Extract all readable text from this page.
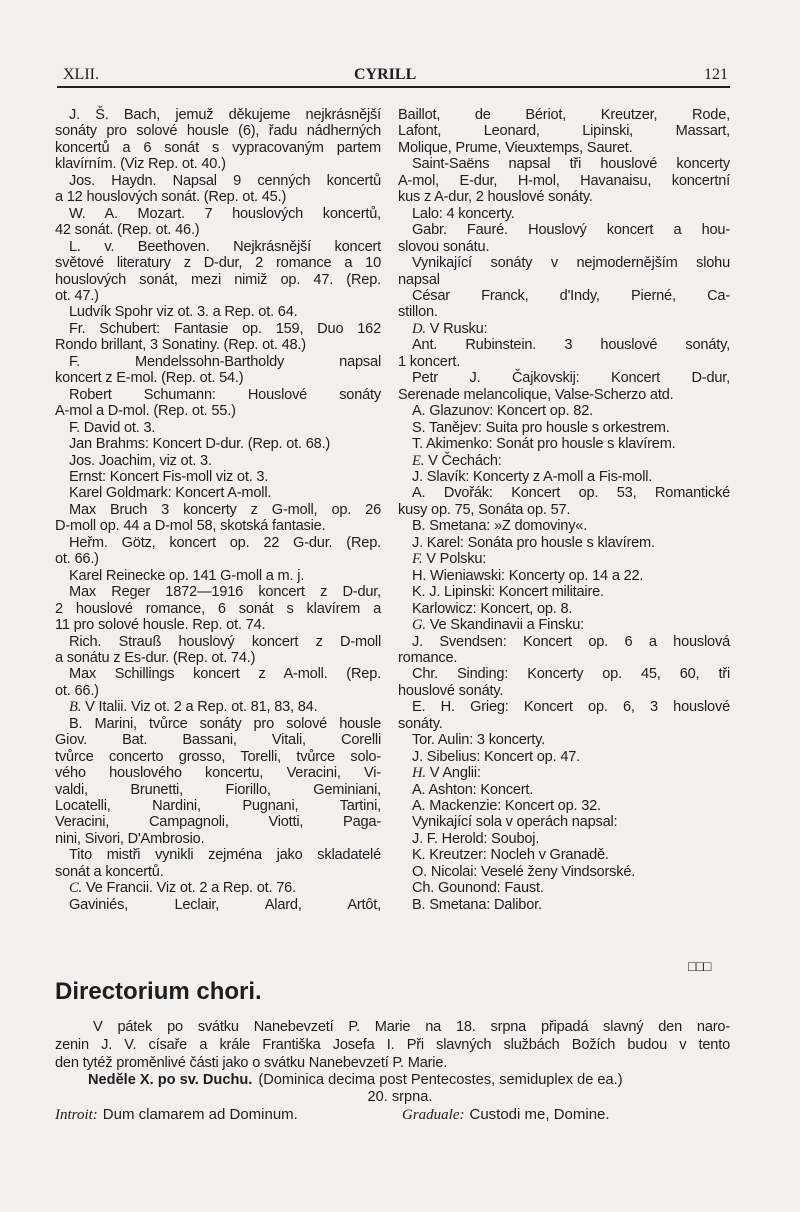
XLII.	CYRILL	121
J. Š. Bach, jemuž děkujeme nejkrásnější
sonáty pro solové housle (6), řadu nádherných
koncertů a 6 sonát s vypracovaným partem
klavírním. (Viz Rep. ot. 40.)
Jos. Haydn. Napsal 9 cenných koncertů
a 12 houslových sonát. (Rep. ot. 45.)
W. A. Mozart. 7 houslových koncertů,
42 sonát. (Rep. ot. 46.)
L. v. Beethoven. Nejkrásnější koncert
světové literatury z D-dur, 2 romance a 10
houslových sonát, mezi nimiž op. 47. (Rep.
ot. 47.)
Ludvík Spohr viz ot. 3. a Rep. ot. 64.
Fr. Schubert: Fantasie op. 159, Duo 162
Rondo brillant, 3 Sonatiny. (Rep. ot. 48.)
F. Mendelssohn-Bartholdy napsal
koncert z E-mol. (Rep. ot. 54.)
Robert Schumann: Houslové sonáty
A-mol a D-mol. (Rep. ot. 55.)
F. David ot. 3.
Jan Brahms: Koncert D-dur. (Rep. ot. 68.)
Jos. Joachim, viz ot. 3.
Ernst: Koncert Fis-moll viz ot. 3.
Karel Goldmark: Koncert A-moll.
Max Bruch 3 koncerty z G-moll, op. 26
D-moll op. 44 a D-mol 58, skotská fantasie.
Heřm. Götz, koncert op. 22 G-dur. (Rep.
ot. 66.)
Karel Reinecke op. 141 G-moll a m. j.
Max Reger 1872—1916 koncert z D-dur,
2 houslové romance, 6 sonát s klavírem a
11 pro solové housle. Rep. ot. 74.
Rich. Strauß houslový koncert z D-moll
a sonátu z Es-dur. (Rep. ot. 74.)
Max Schillings koncert z A-moll. (Rep.
ot. 66.)
B. V Italii. Viz ot. 2 a Rep. ot. 81, 83, 84.
B. Marini, tvůrce sonáty pro solové housle
Giov. Bat. Bassani, Vitali, Corelli
tvůrce concerto grosso, Torelli, tvůrce solo-
vého houslového koncertu, Veracini, Vi-
valdi, Brunetti, Fiorillo, Geminiani,
Locatelli, Nardini, Pugnani, Tartini,
Veracini, Campagnoli, Viotti, Paga-
nini, Sivori, D'Ambrosio.
Tito mistři vynikli zejména jako skladatelé
sonát a koncertů.
C. Ve Francii. Viz ot. 2 a Rep. ot. 76.
Gaviniés, Leclair, Alard, Artôt,
Baillot, de Bériot, Kreutzer, Rode,
Lafont, Leonard, Lipinski, Massart,
Molique, Prume, Vieuxtemps, Sauret.
Saint-Saëns napsal tři houslové koncerty
A-mol, E-dur, H-mol, Havanaisu, koncertní
kus z A-dur, 2 houslové sonáty.
Lalo: 4 koncerty.
Gabr. Fauré. Houslový koncert a hou-
slovou sonátu.
Vynikající sonáty v nejmodernějším slohu
napsal
César Franck, d'Indy, Pierné, Ca-
stillon.
D. V Rusku:
Ant. Rubinstein. 3 houslové sonáty,
1 koncert.
Petr J. Čajkovskij: Koncert D-dur,
Serenade melancolique, Valse-Scherzo atd.
A. Glazunov: Koncert op. 82.
S. Tanějev: Suita pro housle s orkestrem.
T. Akimenko: Sonát pro housle s klavírem.
E. V Čechách:
J. Slavík: Koncerty z A-moll a Fis-moll.
A. Dvořák: Koncert op. 53, Romantické
kusy op. 75, Sonáta op. 57.
B. Smetana: »Z domoviny«.
J. Karel: Sonáta pro housle s klavírem.
F. V Polsku:
H. Wieniawski: Koncerty op. 14 a 22.
K. J. Lipinski: Koncert militaire.
Karlowicz: Koncert, op. 8.
G. Ve Skandinavii a Finsku:
J. Svendsen: Koncert op. 6 a houslová
romance.
Chr. Sinding: Koncerty op. 45, 60, tři
houslové sonáty.
E. H. Grieg: Koncert op. 6, 3 houslové
sonáty.
Tor. Aulin: 3 koncerty.
J. Sibelius: Koncert op. 47.
H. V Anglii:
A. Ashton: Koncert.
A. Mackenzie: Koncert op. 32.
Vynikající sola v operách napsal:
J. F. Herold: Souboj.
K. Kreutzer: Nocleh v Granadě.
O. Nicolai: Veselé ženy Vindsorské.
Ch. Gounond: Faust.
B. Smetana: Dalibor.
□□□
Directorium chori.
V pátek po svátku Nanebevzetí P. Marie na 18. srpna připadá slavný den naro-
zenin J. V. císaře a krále Františka Josefa I. Při slavných službách Božích budou v tento
den tytéž proměnlivé části jako o svátku Nanebevzetí P. Marie.
Neděle X. po sv. Duchu. (Dominica decima post Pentecostes, semiduplex de ea.)
20. srpna.
Introit: Dum clamarem ad Dominum.	Graduale: Custodi me, Domine.
